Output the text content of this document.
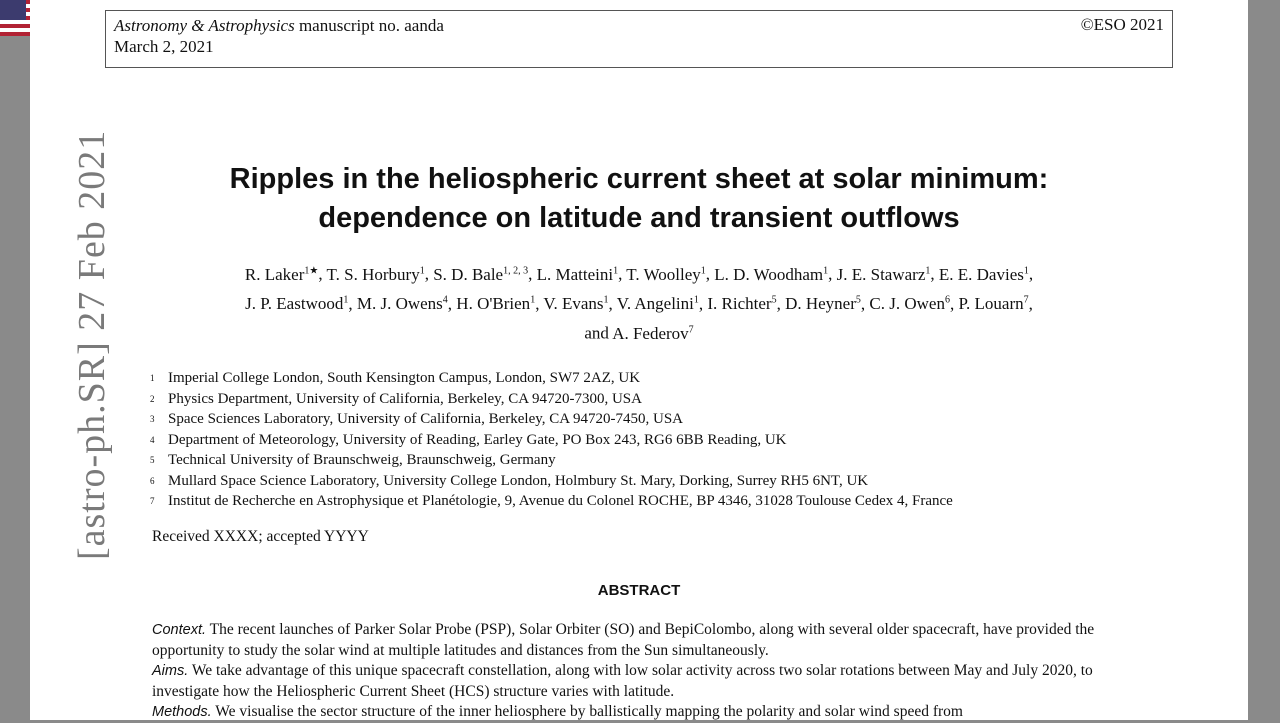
Astronomy & Astrophysics manuscript no. aanda
March 2, 2021
©ESO 2021
Ripples in the heliospheric current sheet at solar minimum:
dependence on latitude and transient outflows
R. Laker$^{1★}$, T. S. Horbury$^1$, S. D. Bale$^{1, 2, 3}$, L. Matteini$^1$, T. Woolley$^1$, L. D. Woodham$^1$, J. E. Stawarz$^1$, E. E. Davies$^1$,
J. P. Eastwood$^1$, M. J. Owens$^4$, H. O'Brien$^1$, V. Evans$^1$, V. Angelini$^1$, I. Richter$^5$, D. Heyner$^5$, C. J. Owen$^6$, P. Louarn$^7$,
and A. Federov$^7$
$^1$ Imperial College London, South Kensington Campus, London, SW7 2AZ, UK
$^2$ Physics Department, University of California, Berkeley, CA 94720-7300, USA
$^3$ Space Sciences Laboratory, University of California, Berkeley, CA 94720-7450, USA
$^4$ Department of Meteorology, University of Reading, Earley Gate, PO Box 243, RG6 6BB Reading, UK
$^5$ Technical University of Braunschweig, Braunschweig, Germany
$^6$ Mullard Space Science Laboratory, University College London, Holmbury St. Mary, Dorking, Surrey RH5 6NT, UK
$^7$ Institut de Recherche en Astrophysique et Planétologie, 9, Avenue du Colonel ROCHE, BP 4346, 31028 Toulouse Cedex 4, France
Received XXXX; accepted YYYY
ABSTRACT
Context. The recent launches of Parker Solar Probe (PSP), Solar Orbiter (SO) and BepiColombo, along with several older spacecraft, have provided the opportunity to study the solar wind at multiple latitudes and distances from the Sun simultaneously.
Aims. We take advantage of this unique spacecraft constellation, along with low solar activity across two solar rotations between May and July 2020, to investigate how the Heliospheric Current Sheet (HCS) structure varies with latitude.
Methods. We visualise the sector structure of the inner heliosphere by ballistically mapping the polarity and solar wind speed from
[astro-ph.SR] 27 Feb 2021
